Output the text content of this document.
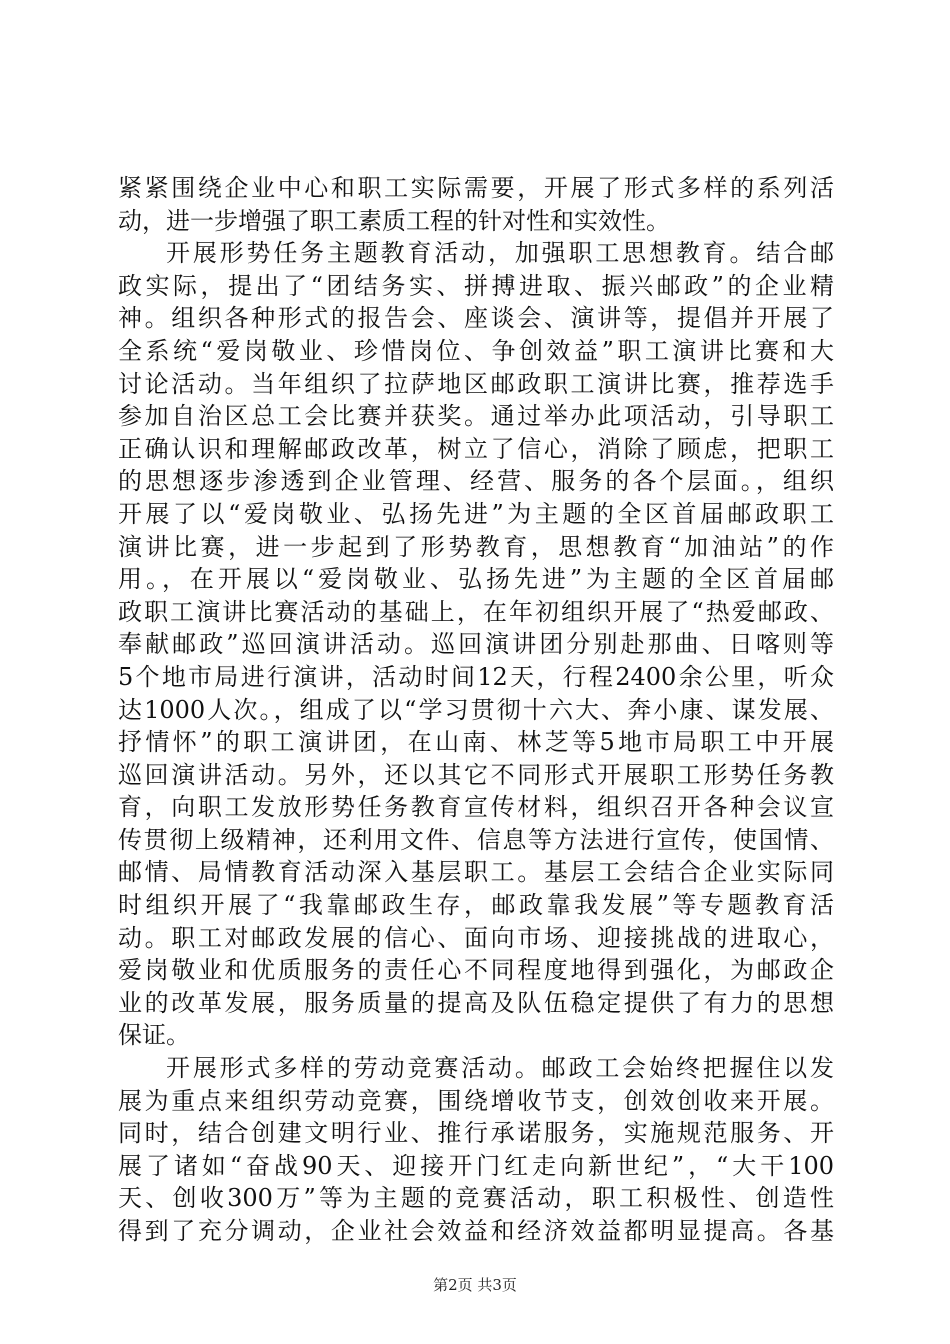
紧紧围绕企业中心和职工实际需要，开展了形式多样的系列活
动，进一步增强了职工素质工程的针对性和实效性。
开展形势任务主题教育活动，加强职工思想教育。结合邮
政实际，提出了“团结务实、拼搏进取、振兴邮政”的企业精
神。组织各种形式的报告会、座谈会、演讲等，提倡并开展了
全系统“爱岗敬业、珍惜岗位、争创效益”职工演讲比赛和大
讨论活动。当年组织了拉萨地区邮政职工演讲比赛，推荐选手
参加自治区总工会比赛并获奖。通过举办此项活动，引导职工
正确认识和理解邮政改革，树立了信心，消除了顾虑，把职工
的思想逐步渗透到企业管理、经营、服务的各个层面。，组织
开展了以“爱岗敬业、弘扬先进”为主题的全区首届邮政职工
演讲比赛，进一步起到了形势教育，思想教育“加油站”的作
用。，在开展以“爱岗敬业、弘扬先进”为主题的全区首届邮
政职工演讲比赛活动的基础上，在年初组织开展了“热爱邮政、
奉献邮政”巡回演讲活动。巡回演讲团分别赴那曲、日喀则等
5个地市局进行演讲，活动时间12天，行程2400余公里，听众
达1000人次。，组成了以“学习贯彻十六大、奔小康、谋发展、
抒情怀”的职工演讲团，在山南、林芝等5地市局职工中开展
巡回演讲活动。另外，还以其它不同形式开展职工形势任务教
育，向职工发放形势任务教育宣传材料，组织召开各种会议宣
传贯彻上级精神，还利用文件、信息等方法进行宣传，使国情、
邮情、局情教育活动深入基层职工。基层工会结合企业实际同
时组织开展了“我靠邮政生存，邮政靠我发展”等专题教育活
动。职工对邮政发展的信心、面向市场、迎接挑战的进取心，
爱岗敬业和优质服务的责任心不同程度地得到强化，为邮政企
业的改革发展，服务质量的提高及队伍稳定提供了有力的思想
保证。
开展形式多样的劳动竞赛活动。邮政工会始终把握住以发
展为重点来组织劳动竞赛，围绕增收节支，创效创收来开展。
同时，结合创建文明行业、推行承诺服务，实施规范服务、开
展了诸如“奋战90天、迎接开门红走向新世纪”，“大干100
天、创收300万”等为主题的竞赛活动，职工积极性、创造性
得到了充分调动，企业社会效益和经济效益都明显提高。各基
第2页 共3页
